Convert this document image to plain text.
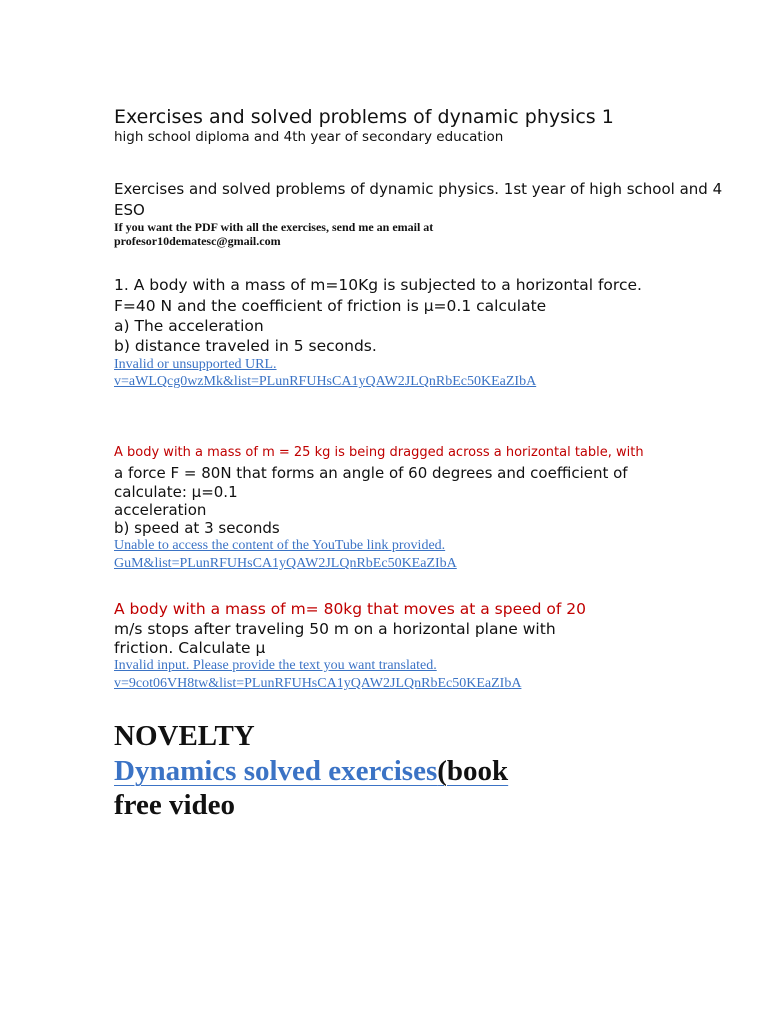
Exercises and solved problems of dynamic physics 1

high school diploma and 4th year of secondary education

Exercises and solved problems of dynamic physics. 1st year of high school and 4

ESO

If you want the PDF with all the exercises, send me an email at

profesor10dematesc@gmail.com

1. A body with a mass of m=10Kg is subjected to a horizontal force.

F=40 N and the coefficient of friction is μ=0.1 calculate

a) The acceleration

b) distance traveled in 5 seconds.

Invalid or unsupported URL.
v=aWLQcg0wzMk&list=PLunRFUHsCA1yQAW2JLQnRbEc50KEaZIbA

A body with a mass of m = 25 kg is being dragged across a horizontal table, with

a force F = 80N that forms an angle of 60 degrees and coefficient of

calculate: μ=0.1

acceleration

b) speed at 3 seconds

Unable to access the content of the YouTube link provided.
GuM&list=PLunRFUHsCA1yQAW2JLQnRbEc50KEaZIbA

A body with a mass of m= 80kg that moves at a speed of 20

m/s stops after traveling 50 m on a horizontal plane with

friction. Calculate μ

Invalid input. Please provide the text you want translated.
v=9cot06VH8tw&list=PLunRFUHsCA1yQAW2JLQnRbEc50KEaZIbA

NOVELTY

Dynamics solved exercises(book

free video
